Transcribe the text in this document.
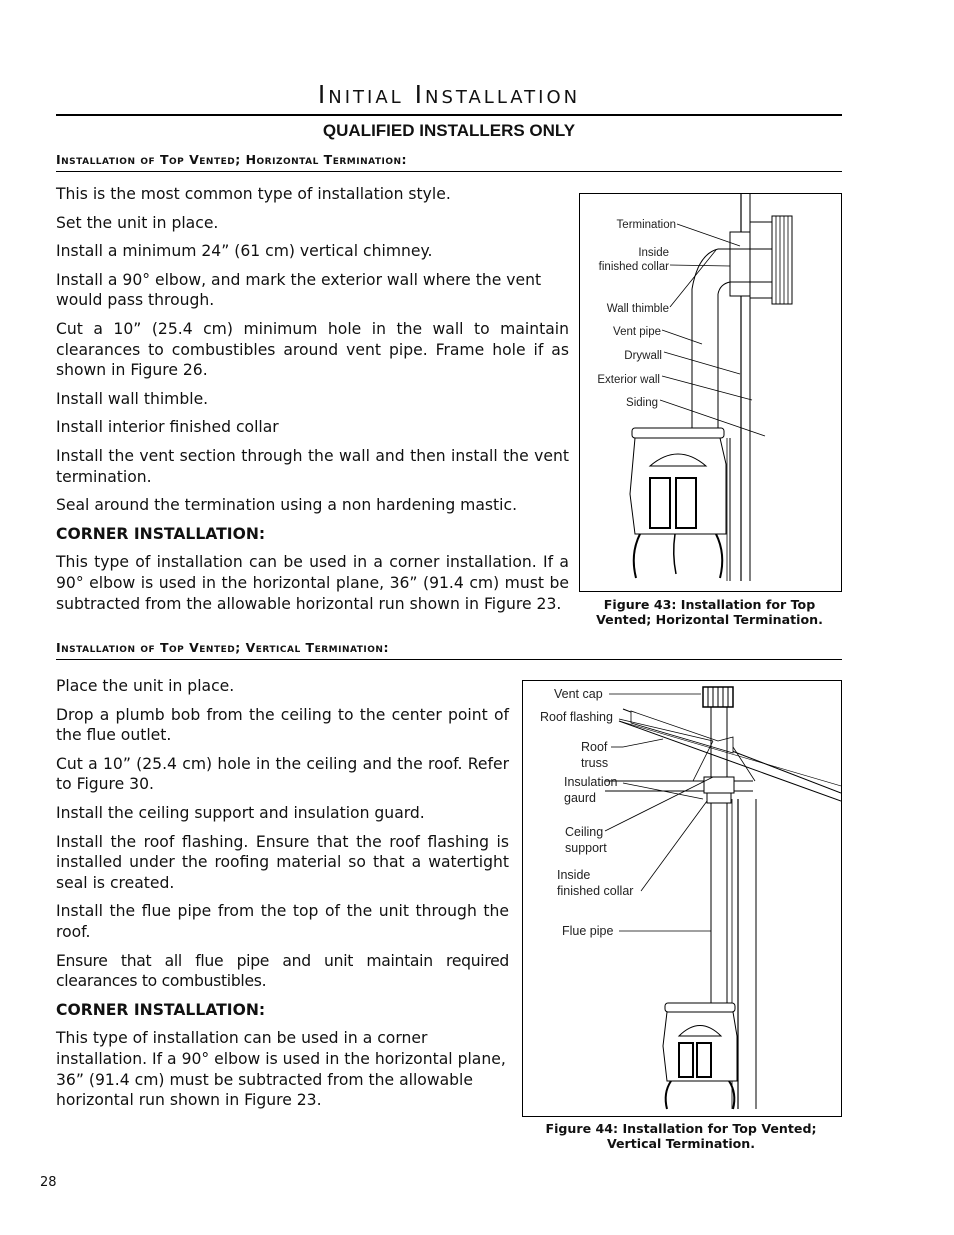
Initial Installation
QUALIFIED INSTALLERS ONLY
Installation of Top Vented; Horizontal Termination:

This is the most common type of installation style.

Set the unit in place.

Install a minimum 24” (61 cm) vertical chimney.

Install a 90° elbow, and mark the exterior wall where the vent would pass through.

Cut a 10” (25.4 cm) minimum hole in the wall to maintain clearances to combustibles around vent pipe. Frame hole if as shown in Figure 26.

Install wall thimble.

Install interior finished collar

Install the vent section through the wall and then install the vent termination.

Seal around the termination using a non hardening mastic.

CORNER INSTALLATION:

This type of installation can be used in a corner installation. If a 90° elbow is used in the horizontal plane, 36” (91.4 cm) must be subtracted from the allowable horizontal run shown in Figure 23.

Termination
Inside
finished collar
Wall thimble
Vent pipe
Drywall
Exterior wall
Siding
Figure 43: Installation for Top
Vented; Horizontal Termination.
Installation of Top Vented; Vertical Termination:

Place the unit in place.

Drop a plumb bob from the ceiling to the center point of the flue outlet.

Cut a 10” (25.4 cm) hole in the ceiling and the roof. Refer to Figure 30.

Install the ceiling support and insulation guard.

Install the roof flashing. Ensure that the roof flashing is installed under the roofing material so that a watertight seal is created.

Install the flue pipe from the top of the unit through the roof.

Ensure that all flue pipe and unit maintain required clearances to combustibles.

CORNER INSTALLATION:

This type of installation can be used in a corner installation. If a 90° elbow is used in the horizontal plane, 36” (91.4 cm) must be subtracted from the allowable horizontal run shown in Figure 23.

Vent cap
Roof flashing
Roof
truss
Insulation
gaurd
Ceiling
support
Inside
finished collar
Flue pipe
Figure 44: Installation for Top Vented;
Vertical Termination.
28
